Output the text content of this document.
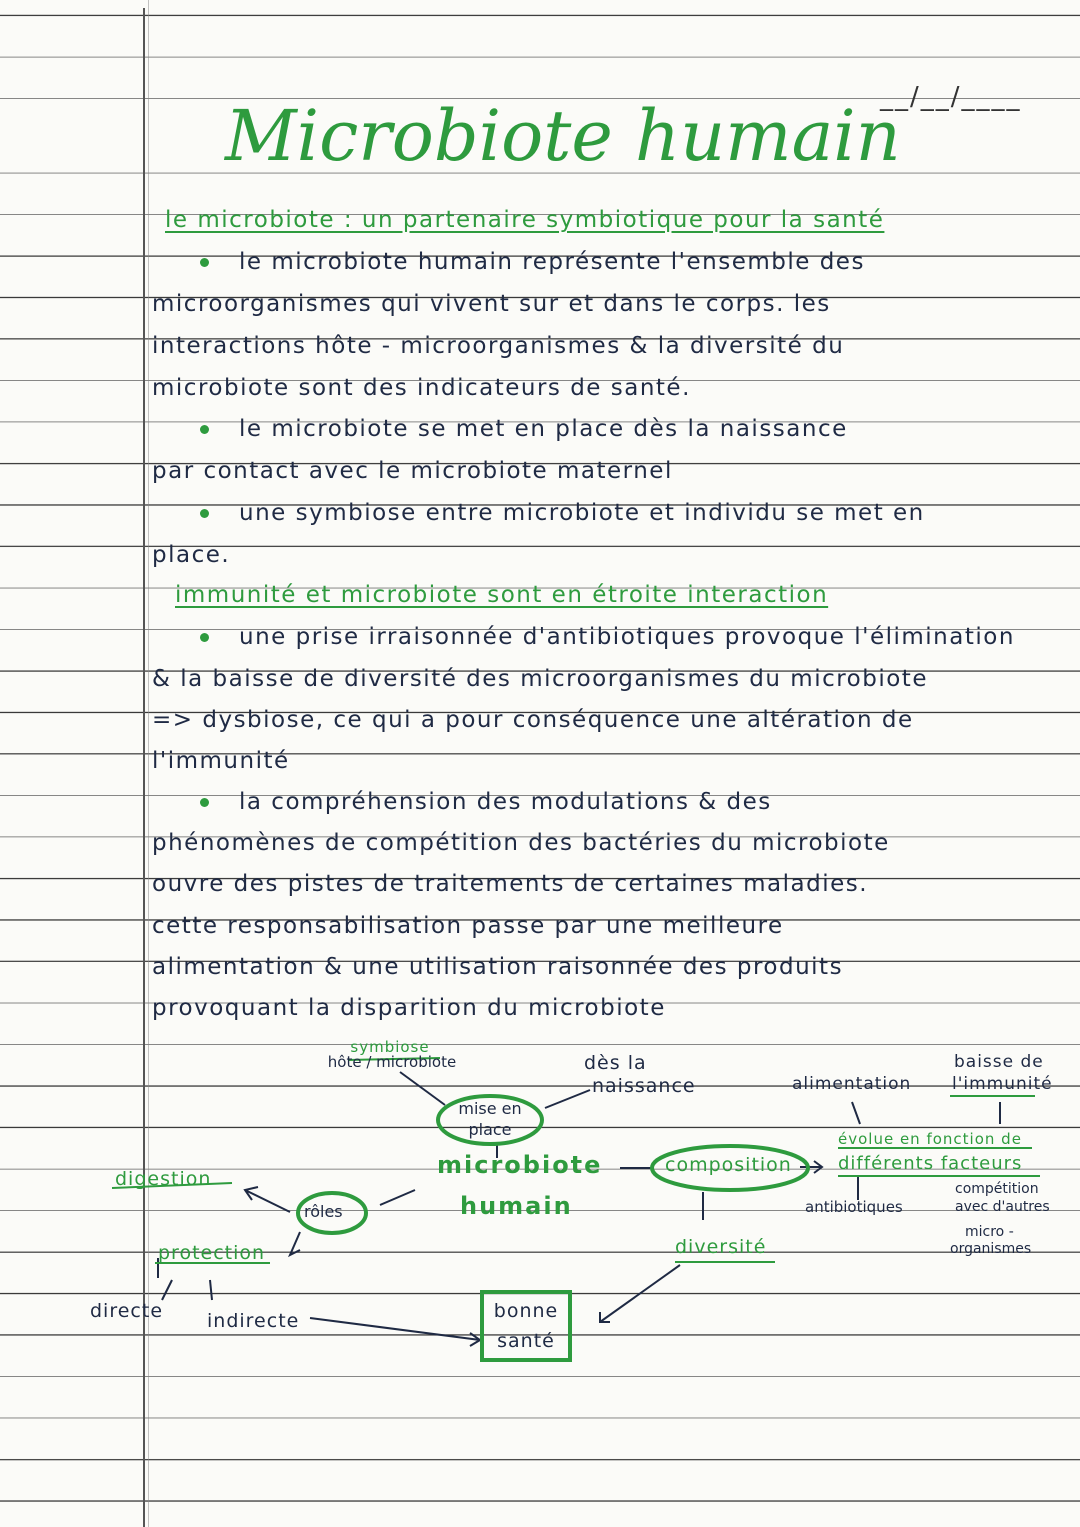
__/__/____
Microbiote humain
le microbiote : un partenaire symbiotique pour la santé
le microbiote humain représente l'ensemble des
microorganismes qui vivent sur et dans le corps. les
interactions hôte - microorganismes & la diversité du
microbiote sont des indicateurs de santé.
le microbiote se met en place dès la naissance
par contact avec le microbiote maternel
une symbiose entre microbiote et individu se met en
place.
immunité et microbiote sont en étroite interaction
une prise irraisonnée d'antibiotiques provoque l'élimination
& la baisse de diversité des microorganismes du microbiote
=> dysbiose, ce qui a pour conséquence une altération de
l'immunité
la compréhension des modulations & des
phénomènes de compétition des bactéries du microbiote
ouvre des pistes de traitements de certaines maladies.
cette responsabilisation passe par une meilleure
alimentation & une utilisation raisonnée des produits
provoquant la disparition du microbiote
symbiose
hôte / microbiote	dès la
naissance
mise en
place
microbiote
humain
composition
alimentation
baisse de
l'immunité
évolue en fonction de
différents facteurs
antibiotiques
compétition
avec d'autres
micro -
organismes
diversité
rôles
digestion
protection
directe indirecte	bonne
santé
